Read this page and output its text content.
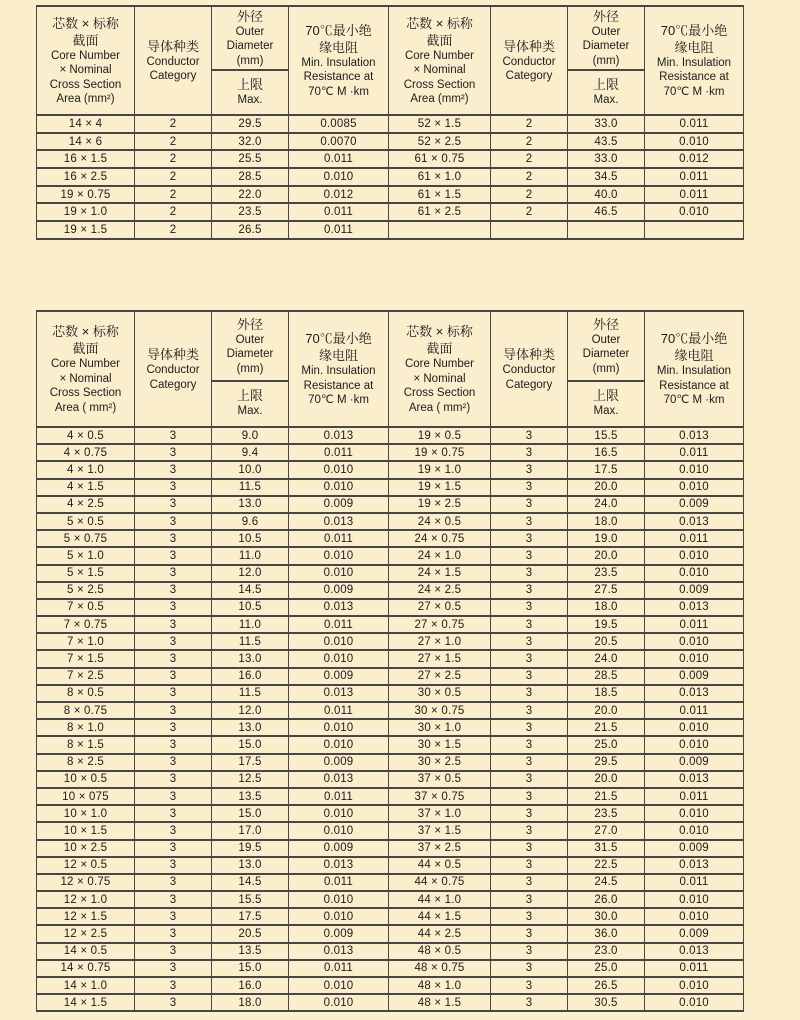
芯数 × 标称
截面
Core Number
× Nominal
Cross Section
Area (mm²)

导体种类
Conductor
Category

外径
Outer
Diameter
(mm)
上限
Max.

70℃最小绝
缘电阻
Min. Insulation
Resistance at
70℃ M ·km

芯数 × 标称
截面
Core Number
× Nominal
Cross Section
Area (mm²)

导体种类
Conductor
Category

外径
Outer
Diameter
(mm)
上限
Max.

70℃最小绝
缘电阻
Min. Insulation
Resistance at
70℃ M ·km

14 × 4	2	29.5	0.0085	52 × 1.5	2	33.0	0.011
14 × 6	2	32.0	0.0070	52 × 2.5	2	43.5	0.010
16 × 1.5	2	25.5	0.011	61 × 0.75	2	33.0	0.012
16 × 2.5	2	28.5	0.010	61 × 1.0	2	34.5	0.011
19 × 0.75	2	22.0	0.012	61 × 1.5	2	40.0	0.011
19 × 1.0	2	23.5	0.011	61 × 2.5	2	46.5	0.010
19 × 1.5	2	26.5	0.011				
芯数 × 标称
截面
Core Number
× Nominal
Cross Section
Area ( mm²)

导体种类
Conductor
Category

外径
Outer
Diameter
(mm)
上限
Max.

70℃最小绝
缘电阻
Min. Insulation
Resistance at
70℃ M ·km

芯数 × 标称
截面
Core Number
× Nominal
Cross Section
Area ( mm²)

导体种类
Conductor
Category

外径
Outer
Diameter
(mm)
上限
Max.

70℃最小绝
缘电阻
Min. Insulation
Resistance at
70℃ M ·km

4 × 0.5	3	9.0	0.013	19 × 0.5	3	15.5	0.013
4 × 0.75	3	9.4	0.011	19 × 0.75	3	16.5	0.011
4 × 1.0	3	10.0	0.010	19 × 1.0	3	17.5	0.010
4 × 1.5	3	11.5	0.010	19 × 1.5	3	20.0	0.010
4 × 2.5	3	13.0	0.009	19 × 2.5	3	24.0	0.009
5 × 0.5	3	9.6	0.013	24 × 0.5	3	18.0	0.013
5 × 0.75	3	10.5	0.011	24 × 0.75	3	19.0	0.011
5 × 1.0	3	11.0	0.010	24 × 1.0	3	20.0	0.010
5 × 1.5	3	12.0	0.010	24 × 1.5	3	23.5	0.010
5 × 2.5	3	14.5	0.009	24 × 2.5	3	27.5	0.009
7 × 0.5	3	10.5	0.013	27 × 0.5	3	18.0	0.013
7 × 0.75	3	11.0	0.011	27 × 0.75	3	19.5	0.011
7 × 1.0	3	11.5	0.010	27 × 1.0	3	20.5	0.010
7 × 1.5	3	13.0	0.010	27 × 1.5	3	24.0	0.010
7 × 2.5	3	16.0	0.009	27 × 2.5	3	28.5	0.009
8 × 0.5	3	11.5	0.013	30 × 0.5	3	18.5	0.013
8 × 0.75	3	12.0	0.011	30 × 0.75	3	20.0	0.011
8 × 1.0	3	13.0	0.010	30 × 1.0	3	21.5	0.010
8 × 1.5	3	15.0	0.010	30 × 1.5	3	25.0	0.010
8 × 2.5	3	17.5	0.009	30 × 2.5	3	29.5	0.009
10 × 0.5	3	12.5	0.013	37 × 0.5	3	20.0	0.013
10 × 075	3	13.5	0.011	37 × 0.75	3	21.5	0.011
10 × 1.0	3	15.0	0.010	37 × 1.0	3	23.5	0.010
10 × 1.5	3	17.0	0.010	37 × 1.5	3	27.0	0.010
10 × 2.5	3	19.5	0.009	37 × 2.5	3	31.5	0.009
12 × 0.5	3	13.0	0.013	44 × 0.5	3	22.5	0.013
12 × 0.75	3	14.5	0.011	44 × 0.75	3	24.5	0.011
12 × 1.0	3	15.5	0.010	44 × 1.0	3	26.0	0.010
12 × 1.5	3	17.5	0.010	44 × 1.5	3	30.0	0.010
12 × 2.5	3	20.5	0.009	44 × 2.5	3	36.0	0.009
14 × 0.5	3	13.5	0.013	48 × 0.5	3	23.0	0.013
14 × 0.75	3	15.0	0.011	48 × 0.75	3	25.0	0.011
14 × 1.0	3	16.0	0.010	48 × 1.0	3	26.5	0.010
14 × 1.5	3	18.0	0.010	48 × 1.5	3	30.5	0.010
